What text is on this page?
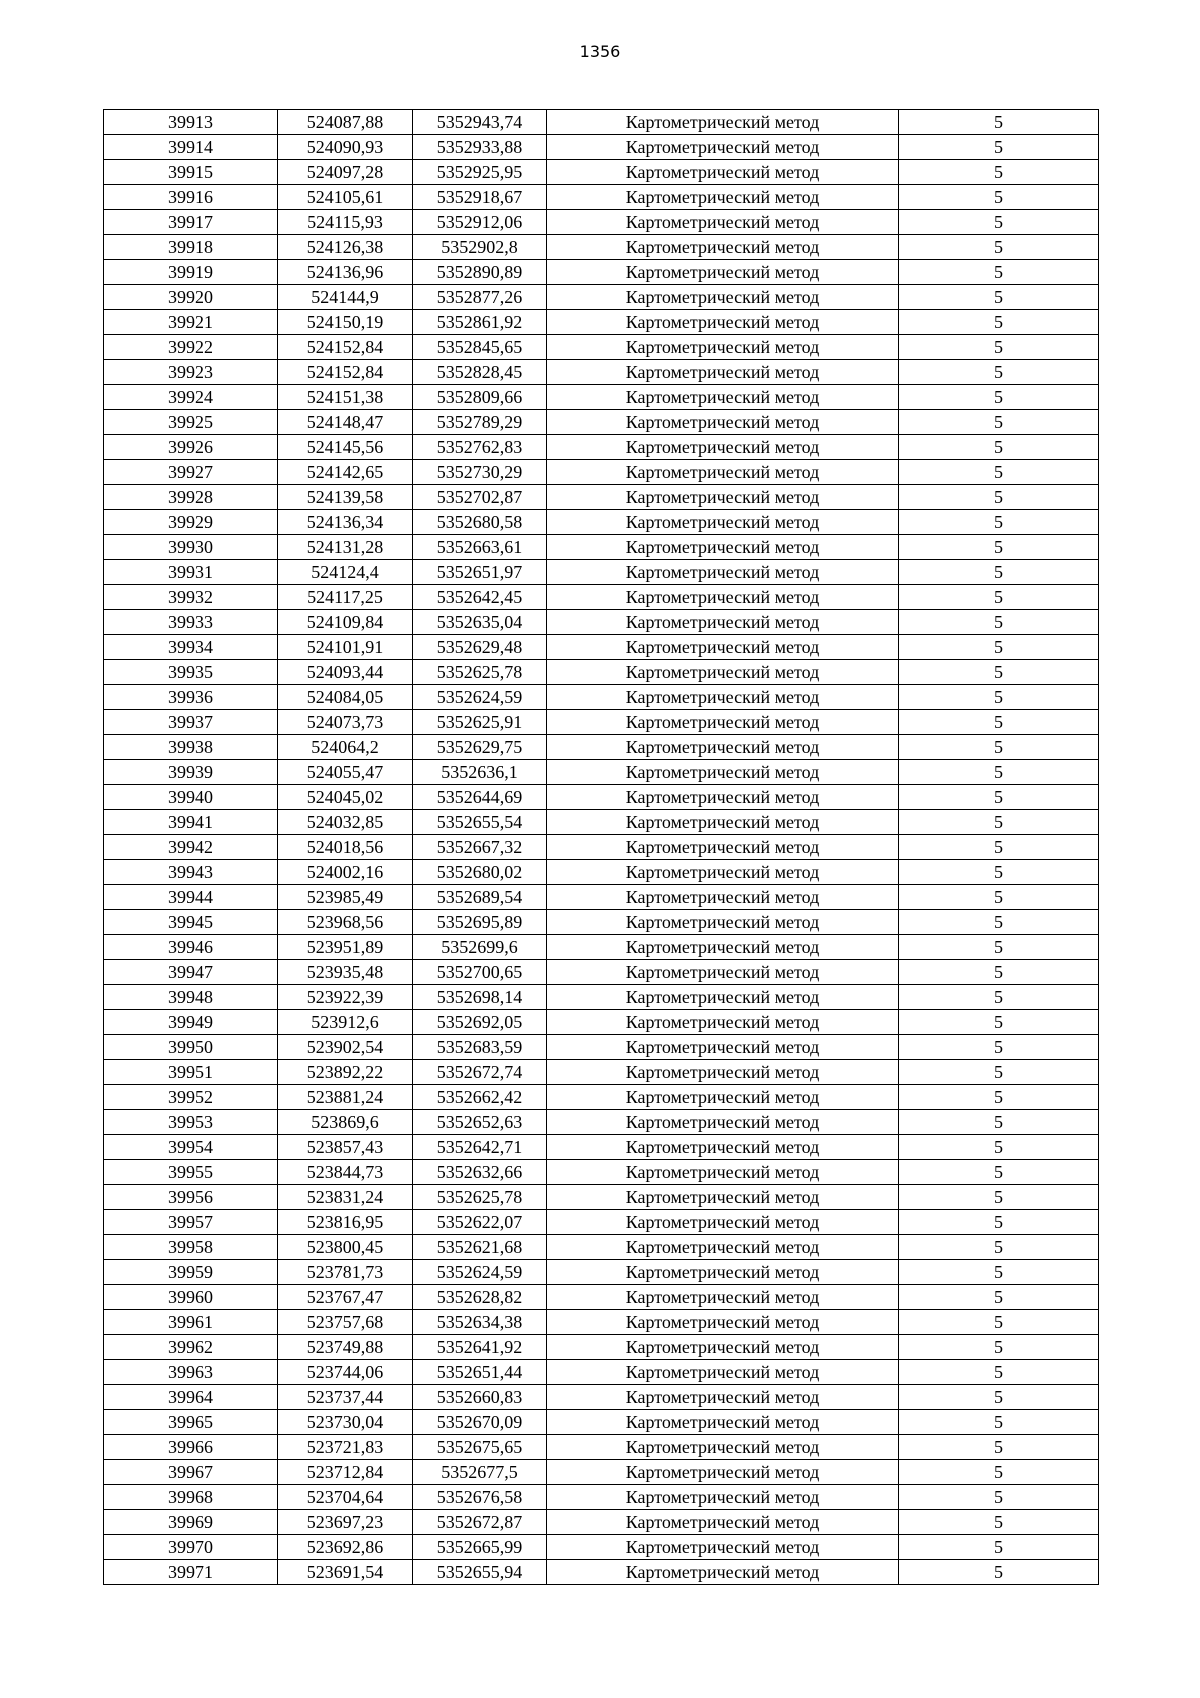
1356
39913	524087,88	5352943,74	Картометрический метод	5
39914	524090,93	5352933,88	Картометрический метод	5
39915	524097,28	5352925,95	Картометрический метод	5
39916	524105,61	5352918,67	Картометрический метод	5
39917	524115,93	5352912,06	Картометрический метод	5
39918	524126,38	5352902,8	Картометрический метод	5
39919	524136,96	5352890,89	Картометрический метод	5
39920	524144,9	5352877,26	Картометрический метод	5
39921	524150,19	5352861,92	Картометрический метод	5
39922	524152,84	5352845,65	Картометрический метод	5
39923	524152,84	5352828,45	Картометрический метод	5
39924	524151,38	5352809,66	Картометрический метод	5
39925	524148,47	5352789,29	Картометрический метод	5
39926	524145,56	5352762,83	Картометрический метод	5
39927	524142,65	5352730,29	Картометрический метод	5
39928	524139,58	5352702,87	Картометрический метод	5
39929	524136,34	5352680,58	Картометрический метод	5
39930	524131,28	5352663,61	Картометрический метод	5
39931	524124,4	5352651,97	Картометрический метод	5
39932	524117,25	5352642,45	Картометрический метод	5
39933	524109,84	5352635,04	Картометрический метод	5
39934	524101,91	5352629,48	Картометрический метод	5
39935	524093,44	5352625,78	Картометрический метод	5
39936	524084,05	5352624,59	Картометрический метод	5
39937	524073,73	5352625,91	Картометрический метод	5
39938	524064,2	5352629,75	Картометрический метод	5
39939	524055,47	5352636,1	Картометрический метод	5
39940	524045,02	5352644,69	Картометрический метод	5
39941	524032,85	5352655,54	Картометрический метод	5
39942	524018,56	5352667,32	Картометрический метод	5
39943	524002,16	5352680,02	Картометрический метод	5
39944	523985,49	5352689,54	Картометрический метод	5
39945	523968,56	5352695,89	Картометрический метод	5
39946	523951,89	5352699,6	Картометрический метод	5
39947	523935,48	5352700,65	Картометрический метод	5
39948	523922,39	5352698,14	Картометрический метод	5
39949	523912,6	5352692,05	Картометрический метод	5
39950	523902,54	5352683,59	Картометрический метод	5
39951	523892,22	5352672,74	Картометрический метод	5
39952	523881,24	5352662,42	Картометрический метод	5
39953	523869,6	5352652,63	Картометрический метод	5
39954	523857,43	5352642,71	Картометрический метод	5
39955	523844,73	5352632,66	Картометрический метод	5
39956	523831,24	5352625,78	Картометрический метод	5
39957	523816,95	5352622,07	Картометрический метод	5
39958	523800,45	5352621,68	Картометрический метод	5
39959	523781,73	5352624,59	Картометрический метод	5
39960	523767,47	5352628,82	Картометрический метод	5
39961	523757,68	5352634,38	Картометрический метод	5
39962	523749,88	5352641,92	Картометрический метод	5
39963	523744,06	5352651,44	Картометрический метод	5
39964	523737,44	5352660,83	Картометрический метод	5
39965	523730,04	5352670,09	Картометрический метод	5
39966	523721,83	5352675,65	Картометрический метод	5
39967	523712,84	5352677,5	Картометрический метод	5
39968	523704,64	5352676,58	Картометрический метод	5
39969	523697,23	5352672,87	Картометрический метод	5
39970	523692,86	5352665,99	Картометрический метод	5
39971	523691,54	5352655,94	Картометрический метод	5
